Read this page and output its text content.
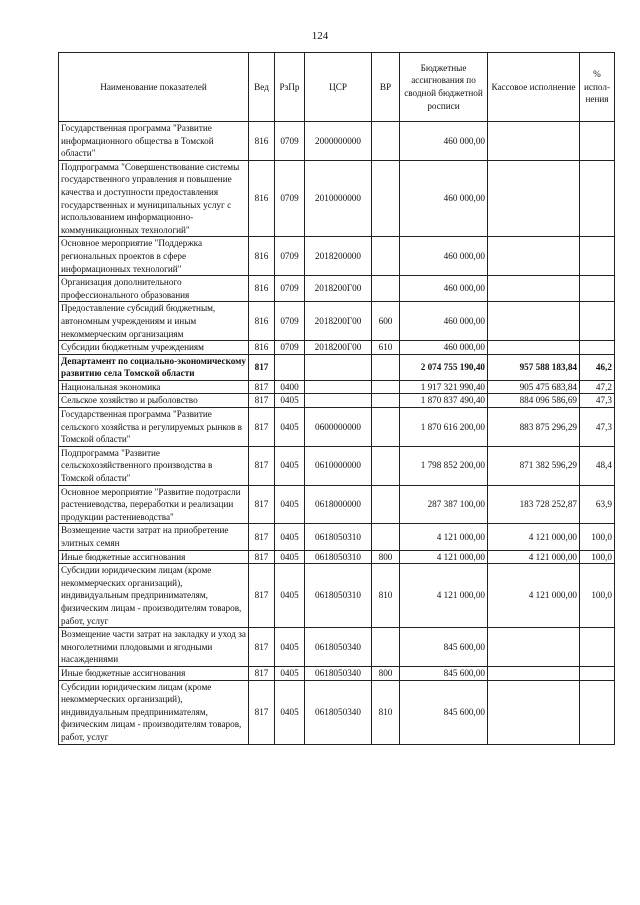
124
Наименование показателей	Вед	РзПр	ЦСР	ВР	Бюджетные ассигнования по сводной бюджетной росписи	Кассовое исполнение	% испол-нения
Государственная программа "Развитие информационного общества в Томской области"	816	0709	2000000000		460 000,00		
Подпрограмма "Совершенствование системы государственного управления и повышение качества и доступности предоставления государственных и муниципальных услуг с использованием информационно-коммуникационных технологий"	816	0709	2010000000		460 000,00		
Основное мероприятие "Поддержка региональных проектов в сфере информационных технологий"	816	0709	2018200000		460 000,00		
Организация дополнительного профессионального образования	816	0709	2018200Г00		460 000,00		
Предоставление субсидий бюджетным, автономным учреждениям и иным некоммерческим организациям	816	0709	2018200Г00	600	460 000,00		
Субсидии бюджетным учреждениям	816	0709	2018200Г00	610	460 000,00		
Департамент по социально-экономическому развитию села Томской области	817				2 074 755 190,40	957 588 183,84	46,2
Национальная экономика	817	0400			1 917 321 990,40	905 475 683,84	47,2
Сельское хозяйство и рыболовство	817	0405			1 870 837 490,40	884 096 586,69	47,3
Государственная программа "Развитие сельского хозяйства и регулируемых рынков в Томской области"	817	0405	0600000000		1 870 616 200,00	883 875 296,29	47,3
Подпрограмма "Развитие сельскохозяйственного производства в Томской области"	817	0405	0610000000		1 798 852 200,00	871 382 596,29	48,4
Основное мероприятие "Развитие подотрасли растениеводства, переработки и реализации продукции растениеводства"	817	0405	0618000000		287 387 100,00	183 728 252,87	63,9
Возмещение части затрат на приобретение элитных семян	817	0405	0618050310		4 121 000,00	4 121 000,00	100,0
Иные бюджетные ассигнования	817	0405	0618050310	800	4 121 000,00	4 121 000,00	100,0
Субсидии юридическим лицам (кроме некоммерческих организаций), индивидуальным предпринимателям, физическим лицам - производителям товаров, работ, услуг	817	0405	0618050310	810	4 121 000,00	4 121 000,00	100,0
Возмещение части затрат на закладку и уход за многолетними плодовыми и ягодными насаждениями	817	0405	0618050340		845 600,00		
Иные бюджетные ассигнования	817	0405	0618050340	800	845 600,00		
Субсидии юридическим лицам (кроме некоммерческих организаций), индивидуальным предпринимателям, физическим лицам - производителям товаров, работ, услуг	817	0405	0618050340	810	845 600,00		
